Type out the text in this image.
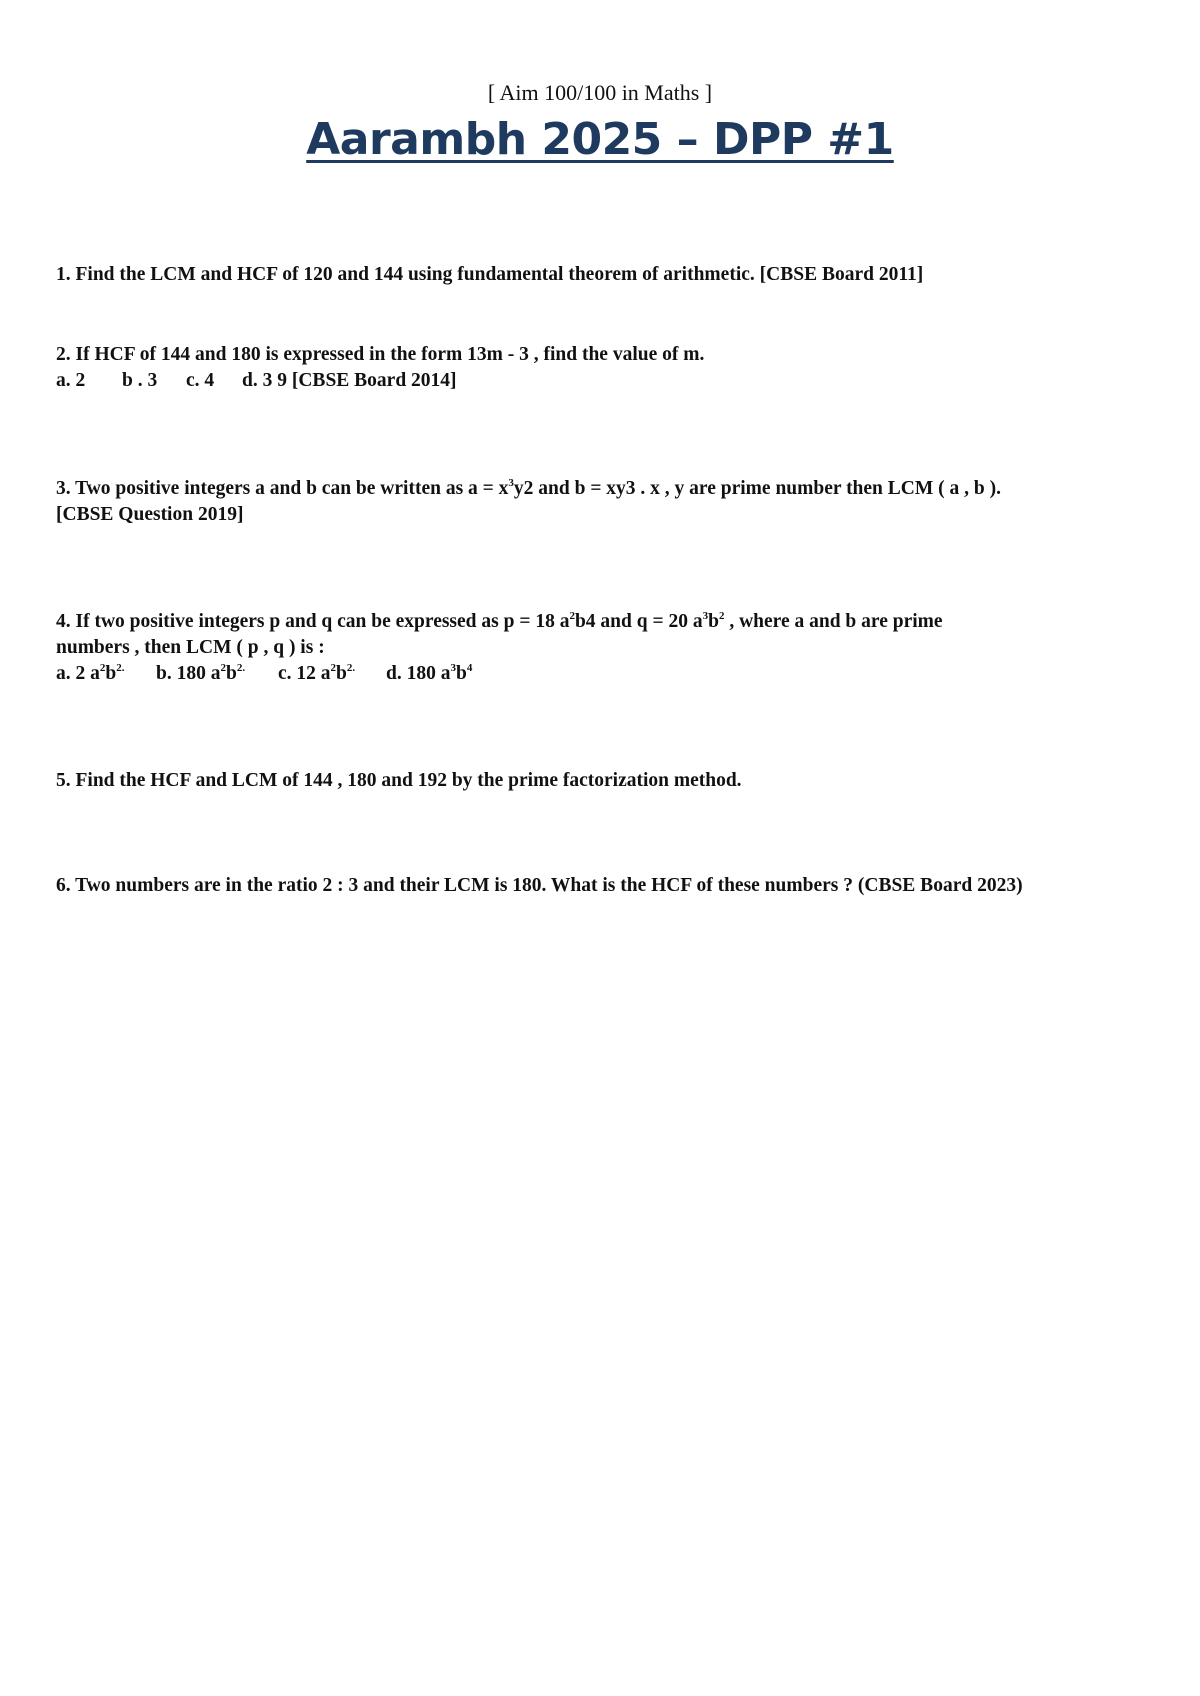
[ Aim 100/100 in Maths ]
Aarambh 2025 – DPP #1
1. Find the LCM and HCF of 120 and 144 using fundamental theorem of arithmetic. [CBSE Board 2011]
2. If HCF of 144 and 180 is expressed in the form 13m - 3 , find the value of m.
a. 2 b . 3 c. 4 d. 3 9 [CBSE Board 2014]
3. Two positive integers a and b can be written as $a = x^3y2$ and b = xy3 . x , y are prime number then LCM ( a , b ).
[CBSE Question 2019]
4. If two positive integers p and q can be expressed as p = 18 $a^2b4$ and q = 20 $a^3b^2$ , where a and b are prime
numbers , then LCM ( p , q ) is :
a. 2 $a^2b^{2.}$ b. 180 $a^2b^{2.}$ c. 12 $a^2b^{2.}$ d. 180 $a^3b^4$
5. Find the HCF and LCM of 144 , 180 and 192 by the prime factorization method.
6. Two numbers are in the ratio 2 : 3 and their LCM is 180. What is the HCF of these numbers ? (CBSE Board 2023)
